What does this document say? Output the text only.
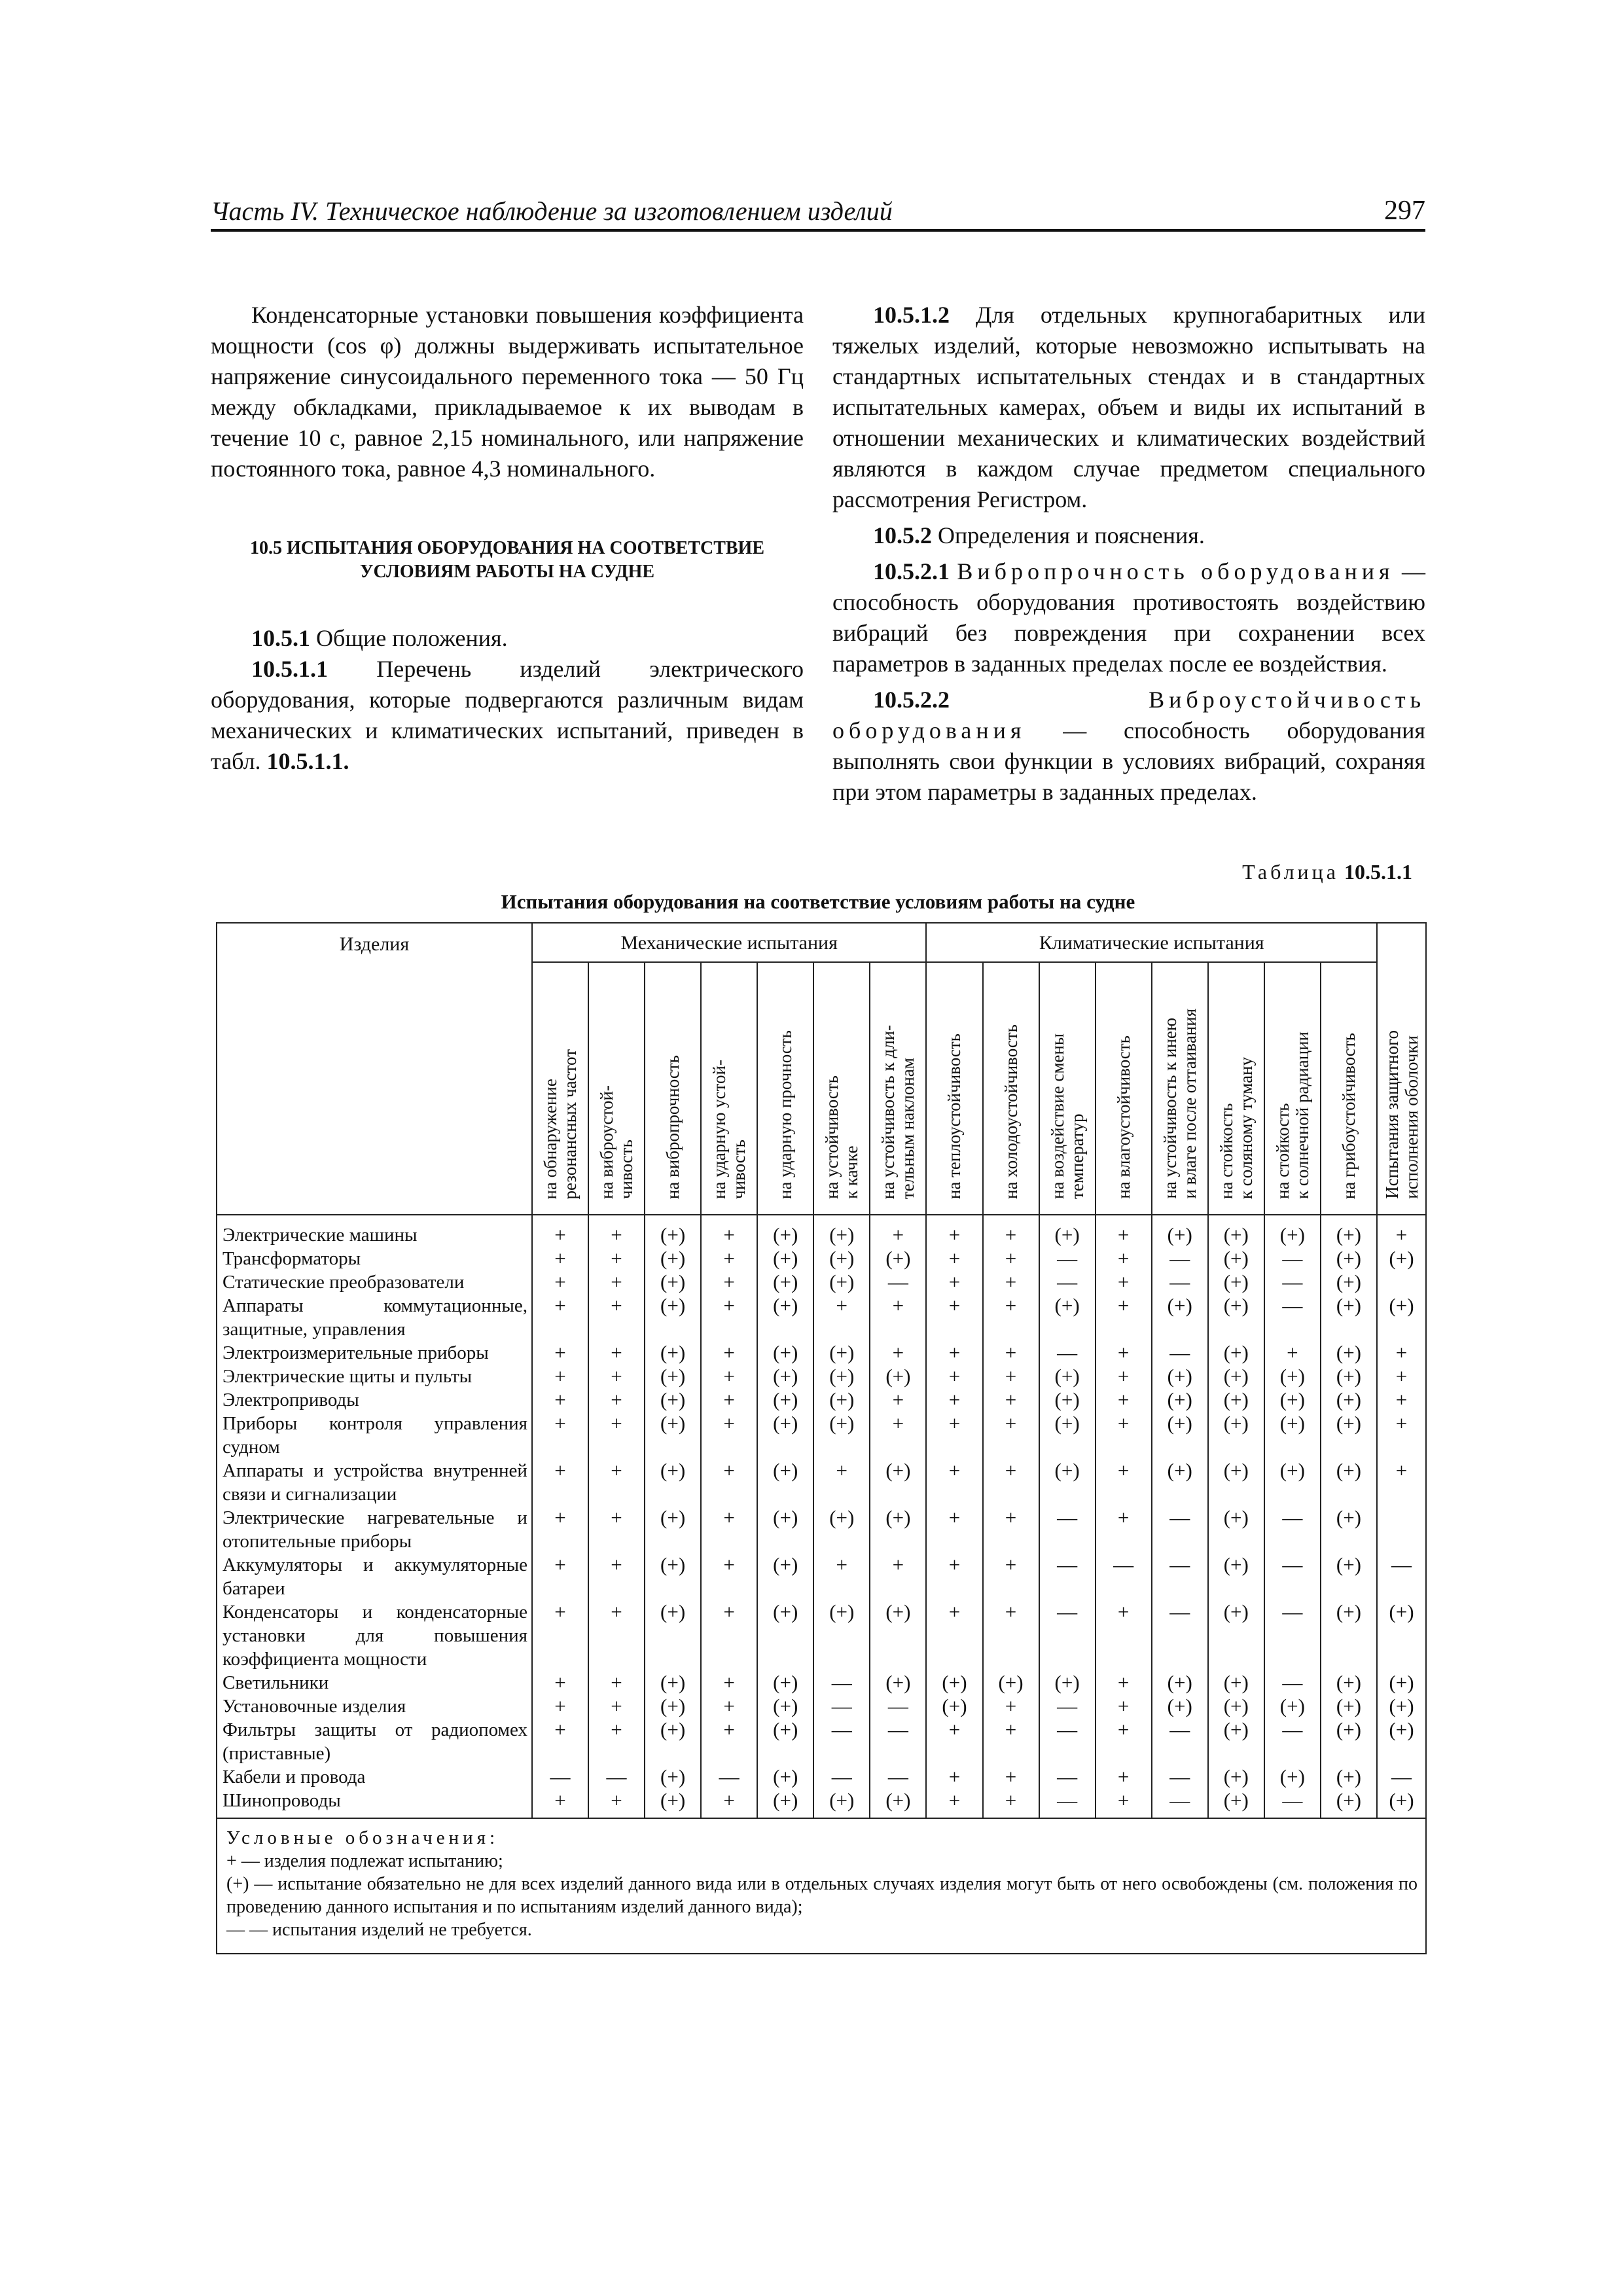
Часть IV. Техническое наблюдение за изготовлением изделий	297

Конденсаторные установки повышения коэффициента мощности (cos φ) должны выдерживать испытательное напряжение синусоидального переменного тока — 50 Гц между обкладками, прикладываемое к их выводам в течение 10 с, равное 2,15 номинального, или напряжение постоянного тока, равное 4,3 номинального.

10.5 ИСПЫТАНИЯ ОБОРУДОВАНИЯ НА СООТВЕТСТВИЕ УСЛОВИЯМ РАБОТЫ НА СУДНЕ

10.5.1 Общие положения.

10.5.1.1 Перечень изделий электрического оборудования, которые подвергаются различным видам механических и климатических испытаний, приведен в табл. 10.5.1.1.

10.5.1.2 Для отдельных крупногабаритных или тяжелых изделий, которые невозможно испытывать на стандартных испытательных стендах и в стандартных испытательных камерах, объем и виды их испытаний в отношении механических и климатических воздействий являются в каждом случае предметом специального рассмотрения Регистром.

10.5.2 Определения и пояснения.

10.5.2.1 Вибропрочность оборудования — способность оборудования противостоять воздействию вибраций без повреждения при сохранении всех параметров в заданных пределах после ее воздействия.

10.5.2.2	Виброустойчивость оборудования — способность оборудования выполнять свои функции в условиях вибраций, сохраняя при этом параметры в заданных пределах.

Таблица 10.5.1.1
Испытания оборудования на соответствие условиям работы на судне
Изделия	Механические испытания							Климатические испытания								Испытания защитного
исполнения оболочки
	на обнаружение
резонансных частот	на виброустой-
чивость	на вибропрочность	на ударную устой-
чивость	на ударную прочность	на устойчивость
к качке	на устойчивость к дли-
тельным наклонам	на теплоустойчивость	на холодоустойчивость	на воздействие смены
температур	на влагоустойчивость	на устойчивость к инею
и влаге после оттаивания	на стойкость
к соляному туману	на стойкость
к солнечной радиации	на грибоустойчивость	
Электрические машины	+	+	(+)	+	(+)	(+)	+	+	+	(+)	+	(+)	(+)	(+)	(+)	+
Трансформаторы	+	+	(+)	+	(+)	(+)	(+)	+	+	—	+	—	(+)	—	(+)	(+)
Статические преобразователи	+	+	(+)	+	(+)	(+)	—	+	+	—	+	—	(+)	—	(+)	
Аппараты коммутационные, защитные, управления	+	+	(+)	+	(+)	+	+	+	+	(+)	+	(+)	(+)	—	(+)	(+)
Электроизмерительные приборы	+	+	(+)	+	(+)	(+)	+	+	+	—	+	—	(+)	+	(+)	+
Электрические щиты и пульты	+	+	(+)	+	(+)	(+)	(+)	+	+	(+)	+	(+)	(+)	(+)	(+)	+
Электроприводы	+	+	(+)	+	(+)	(+)	+	+	+	(+)	+	(+)	(+)	(+)	(+)	+
Приборы контроля управления судном	+	+	(+)	+	(+)	(+)	+	+	+	(+)	+	(+)	(+)	(+)	(+)	+
Аппараты и устройства внутренней связи и сигнализации	+	+	(+)	+	(+)	+	(+)	+	+	(+)	+	(+)	(+)	(+)	(+)	+
Электрические нагревательные и отопительные приборы	+	+	(+)	+	(+)	(+)	(+)	+	+	—	+	—	(+)	—	(+)	
Аккумуляторы и аккумуляторные батареи	+	+	(+)	+	(+)	+	+	+	+	—	—	—	(+)	—	(+)	—
Конденсаторы и конденсаторные установки для повышения коэффициента мощности	+	+	(+)	+	(+)	(+)	(+)	+	+	—	+	—	(+)	—	(+)	(+)
Светильники	+	+	(+)	+	(+)	—	(+)	(+)	(+)	(+)	+	(+)	(+)	—	(+)	(+)
Установочные изделия	+	+	(+)	+	(+)	—	—	(+)	+	—	+	(+)	(+)	(+)	(+)	(+)
Фильтры защиты от радиопомех (приставные)	+	+	(+)	+	(+)	—	—	+	+	—	+	—	(+)	—	(+)	(+)
Кабели и провода	—	—	(+)	—	(+)	—	—	+	+	—	+	—	(+)	(+)	(+)	—
Шинопроводы	+	+	(+)	+	(+)	(+)	(+)	+	+	—	+	—	(+)	—	(+)	(+)
Условные обозначения:
+ — изделия подлежат испытанию;
(+) — испытание обязательно не для всех изделий данного вида или в отдельных случаях изделия могут быть от него освобождены (см. положения по проведению данного испытания и по испытаниям изделий данного вида);
— — испытания изделий не требуется.
